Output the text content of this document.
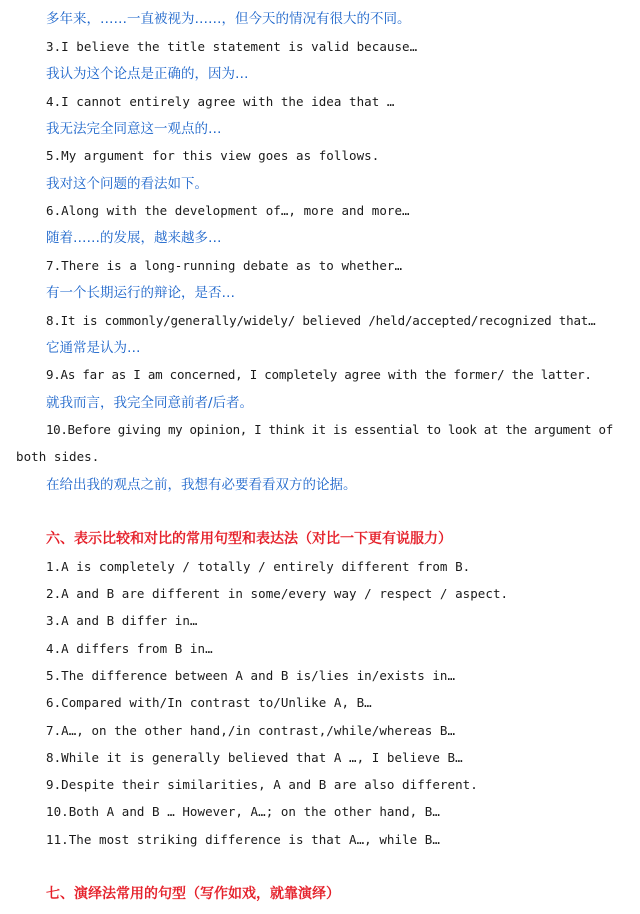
多年来，……一直被视为……，但今天的情况有很大的不同。
3.I believe the title statement is valid because…
我认为这个论点是正确的，因为…
4.I cannot entirely agree with the idea that …
我无法完全同意这一观点的…
5.My argument for this view goes as follows.
我对这个问题的看法如下。
6.Along with the development of…, more and more…
随着……的发展，越来越多…
7.There is a long-running debate as to whether…
有一个长期运行的辩论，是否…
8.It is commonly/generally/widely/ believed /held/accepted/recognized that…
它通常是认为…
9.As far as I am concerned, I completely agree with the former/ the latter.
就我而言，我完全同意前者/后者。
10.Before giving my opinion, I think it is essential to look at the argument of
both sides.
在给出我的观点之前，我想有必要看看双方的论据。
六、表示比较和对比的常用句型和表达法（对比一下更有说服力）
1.A is completely / totally / entirely different from B.
2.A and B are different in some/every way / respect / aspect.
3.A and B differ in…
4.A differs from B in…
5.The difference between A and B is/lies in/exists in…
6.Compared with/In contrast to/Unlike A, B…
7.A…, on the other hand,/in contrast,/while/whereas B…
8.While it is generally believed that A …, I believe B…
9.Despite their similarities, A and B are also different.
10.Both A and B … However, A…; on the other hand, B…
11.The most striking difference is that A…, while B…
七、演绎法常用的句型（写作如戏，就靠演绎）
